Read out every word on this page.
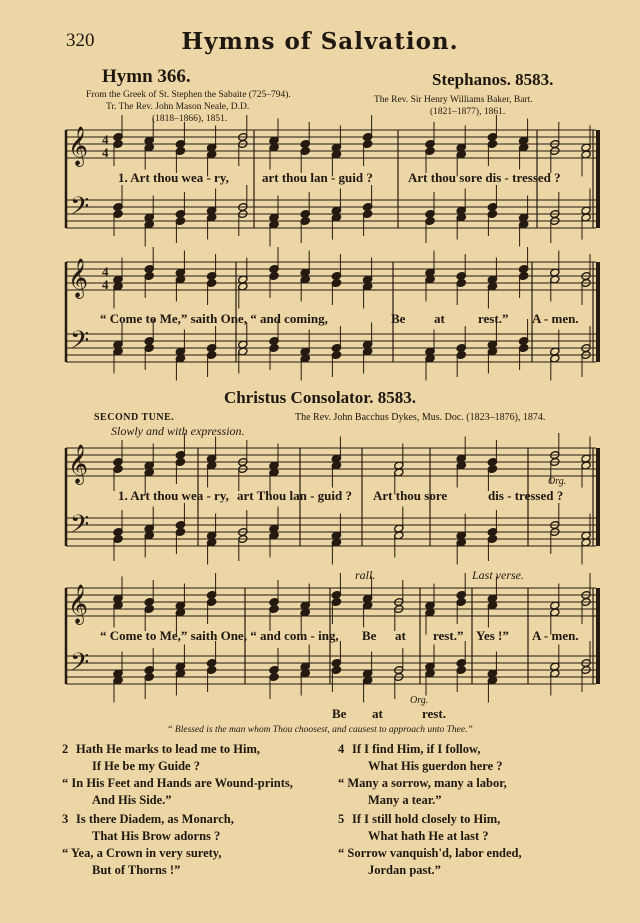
320	Hymns of Salvation.
Hymn 366.
From the Greek of St. Stephen the Sabaite (725–794).
Tr. The Rev. John Mason Neale, D.D.
(1818–1866), 1851.
Stephanos. 8583.
The Rev. Sir Henry Williams Baker, Bart.
(1821–1877), 1861.
𝄞
𝄢
4
4
𝄞
𝄢
4
4
𝄞
𝄢
𝄞
𝄢
1. Art thou wea - ry,	art thou lan - guid ?	Art thou sore dis - tressed ?
“ Come to Me,” saith One, “ and coming,	Be at	rest.” A - men.
Christus Consolator. 8583.
SECOND TUNE.	The Rev. John Bacchus Dykes, Mus. Doc. (1823–1876), 1874.
Slowly and with expression.
Org.
1. Art thou wea - ry, art Thou lan - guid ? Art thou sore	dis - tressed ?
rall.	Last verse.
“ Come to Me,” saith One, “ and com - ing, Be at rest.” Yes !” A - men.
Org.
Be at	rest.
“ Blessed is the man whom Thou choosest, and causest to approach unto Thee.”
2 Hath He marks to lead me to Him,
If He be my Guide ?
“ In His Feet and Hands are Wound-prints,
And His Side.”
3 Is there Diadem, as Monarch,
That His Brow adorns ?
“ Yea, a Crown in very surety,
But of Thorns !”
4 If I find Him, if I follow,
What His guerdon here ?
“ Many a sorrow, many a labor,
Many a tear.”
5 If I still hold closely to Him,
What hath He at last ?
“ Sorrow vanquish'd, labor ended,
Jordan past.”
